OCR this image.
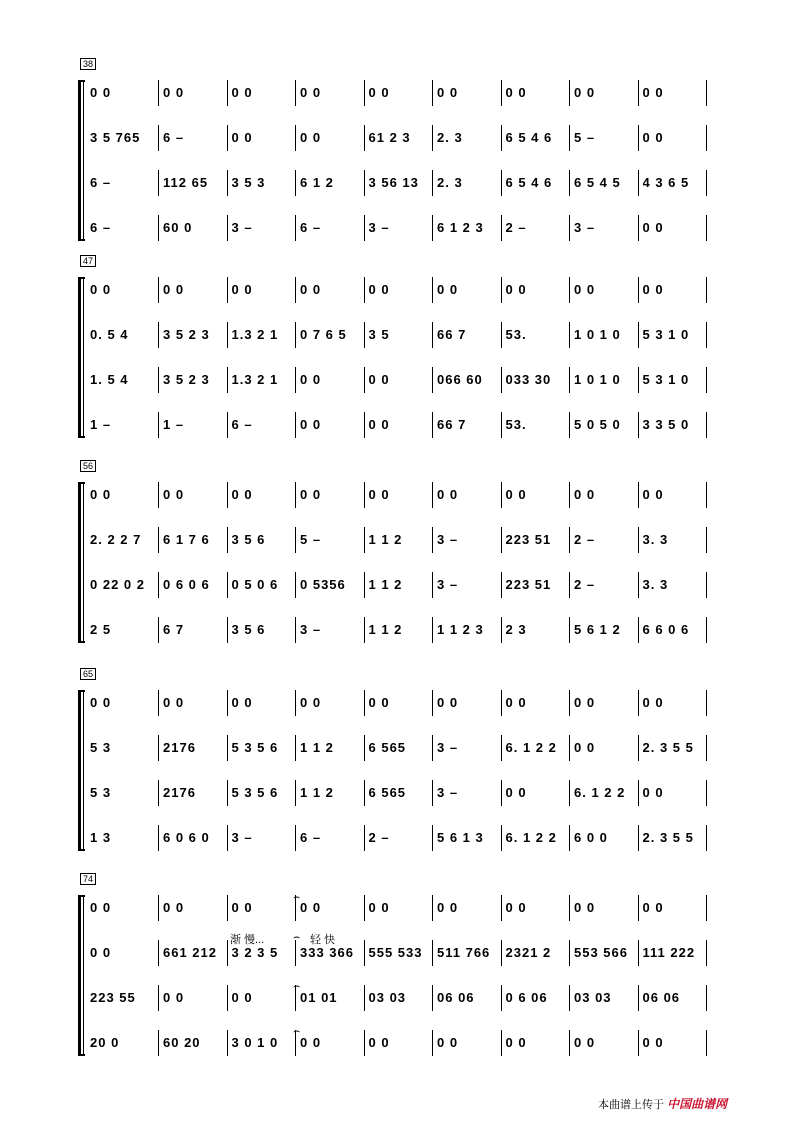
38
0 0	0 0	0 0	0 0	0 0	0 0	0 0	0 0	0 0
3 5 765	6 –	0 0	0 0	61 2 3	2. 3	6 5 4 6	5 –	0 0
6 –	112 65	3 5 3	6 1 2	3 56 13	2. 3	6 5 4 6	6 5 4 5	4 3 6 5
6 –	60 0	3 –	6 –	3 –	6 1 2 3	2 –	3 –	0 0
47
0 0	0 0	0 0	0 0	0 0	0 0	0 0	0 0	0 0
0. 5 4	3 5 2 3	1.3 2 1	0 7 6 5	3 5	66 7	53.	1 0 1 0	5 3 1 0
1. 5 4	3 5 2 3	1.3 2 1	0 0	0 0	066 60	033 30	1 0 1 0	5 3 1 0
1 –	1 –	6 –	0 0	0 0	66 7	53.	5 0 5 0	3 3 5 0
56
0 0	0 0	0 0	0 0	0 0	0 0	0 0	0 0	0 0
2. 2 2 7	6 1 7 6	3 5 6	5 –	1 1 2	3 –	223 51	2 –	3. 3
0 22 0 2	0 6 0 6	0 5 0 6	0 5356	1 1 2	3 –	223 51	2 –	3. 3
2 5	6 7	3 5 6	3 –	1 1 2	1 1 2 3	2 3	5 6 1 2	6 6 0 6
65
0 0	0 0	0 0	0 0	0 0	0 0	0 0	0 0	0 0
5 3	2176	5 3 5 6	1 1 2	6 565	3 –	6. 1 2 2	0 0	2. 3 5 5
5 3	2176	5 3 5 6	1 1 2	6 565	3 –	0 0	6. 1 2 2	0 0
1 3	6 0 6 0	3 –	6 –	2 –	5 6 1 3	6. 1 2 2	6 0 0	2. 3 5 5
74
0 0	0 0	0 0	0 0	0 0	0 0	0 0	0 0	0 0
0 0	661 212	3 2 3 5	333 366	555 533	511 766	2321 2	553 566	111 222
223 55	0 0	0 0	01 01	03 03	06 06	0 6 06	03 03	06 06
20 0	60 20	3 0 1 0	0 0	0 0	0 0	0 0	0 0	0 0
渐 慢...	轻 快
⌢
⌢
⌢
⌢
本曲谱上传于 中国曲谱网
